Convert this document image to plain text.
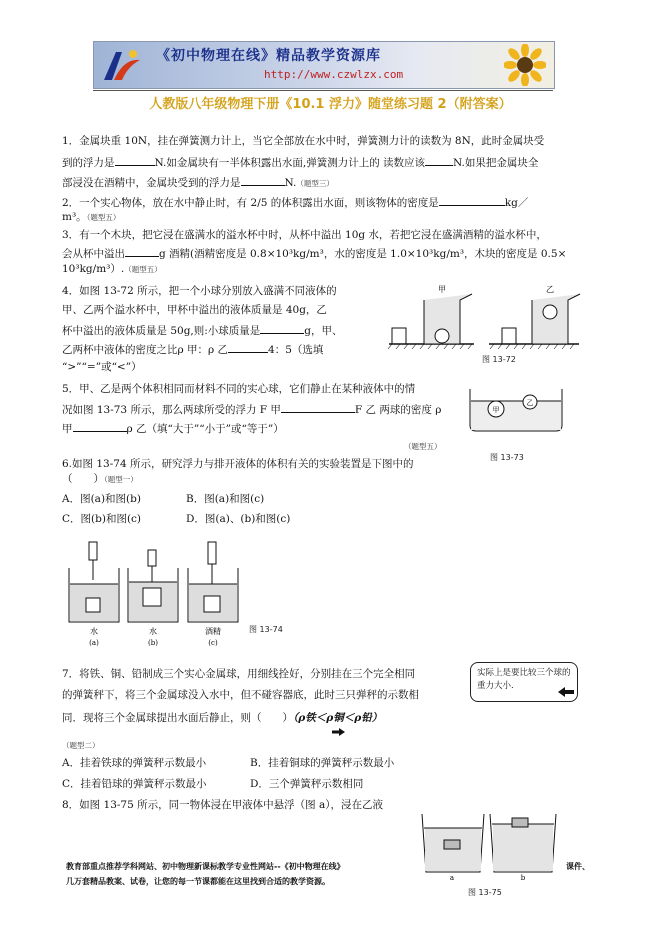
《初中物理在线》精品教学资源库
http://www.czwlzx.com
人教版八年级物理下册《10.1 浮力》随堂练习题 2（附答案）
1．金属块重 10N，挂在弹簧测力计上，当它全部放在水中时，弹簧测力计的读数为 8N，此时金属块受
到的浮力是	N.如金属块有一半体积露出水面,弹簧测力计上的 读数应该	N.如果把金属块全
部浸没在酒精中，金属块受到的浮力是	N.（题型三）
2．一个实心物体，放在水中静止时，有 2/5 的体积露出水面，则该物体的密度是	kg／
m³。（题型五）
3．有一个木块，把它浸在盛满水的溢水杯中时，从杯中溢出 10g 水，若把它浸在盛满酒精的溢水杯中，
会从杯中溢出	g 酒精(酒精密度是 0.8×10³kg/m³，水的密度是 1.0×10³kg/m³，木块的密度是 0.5×
10³kg/m³）.（题型五）
4．如图 13-72 所示，把一个小球分别放入盛满不同液体的
甲、乙两个溢水杯中，甲杯中溢出的液体质量是 40g，乙
杯中溢出的液体质量是 50g,则:小球质量是	g，甲、
乙两杯中液体的密度之比ρ 甲：ρ 乙	4：5（选填
“>”“=”或“<”）
甲	乙
图 13-72
5．甲、乙是两个体积相同而材料不同的实心球，它们静止在某种液体中的情
况如图 13-73 所示，那么两球所受的浮力 F 甲	F 乙 两球的密度 ρ
甲	ρ 乙（填“大于”“小于”或“等于”）
（题型五）
甲
乙
图 13-73
6.如图 13-74 所示，研究浮力与排开液体的体积有关的实验装置是下图中的
（　　）（题型一）
A．图(a)和图(b)	B．图(a)和图(c)
C．图(b)和图(c)	D．图(a)、(b)和图(c)
水
(a)
水
(b)
酒精
(c)
图 13-74
7．将铁、铜、铅制成三个实心金属球，用细线拴好，分别挂在三个完全相同
的弹簧秤下，将三个金属球没入水中，但不碰容器底，此时三只弹秤的示数相
同．现将三个金属球提出水面后静止，则（　　）（ρ铁＜ρ铜＜ρ铅）
（题型二）
实际上是要比较三个球的重力大小.
A．挂着铁球的弹簧秤示数最小	B．挂着铜球的弹簧秤示数最小
C．挂着铅球的弹簧秤示数最小	D．三个弹簧秤示数相同
8．如图 13-75 所示，同一物体浸在甲液体中悬浮（图 a），浸在乙液
a	b
图 13-75
教育部重点推荐学科网站、初中物理新课标教学专业性网站--《初中物理在线》	课件、
几万套精品教案、试卷，让您的每一节课都能在这里找到合适的教学资源。
